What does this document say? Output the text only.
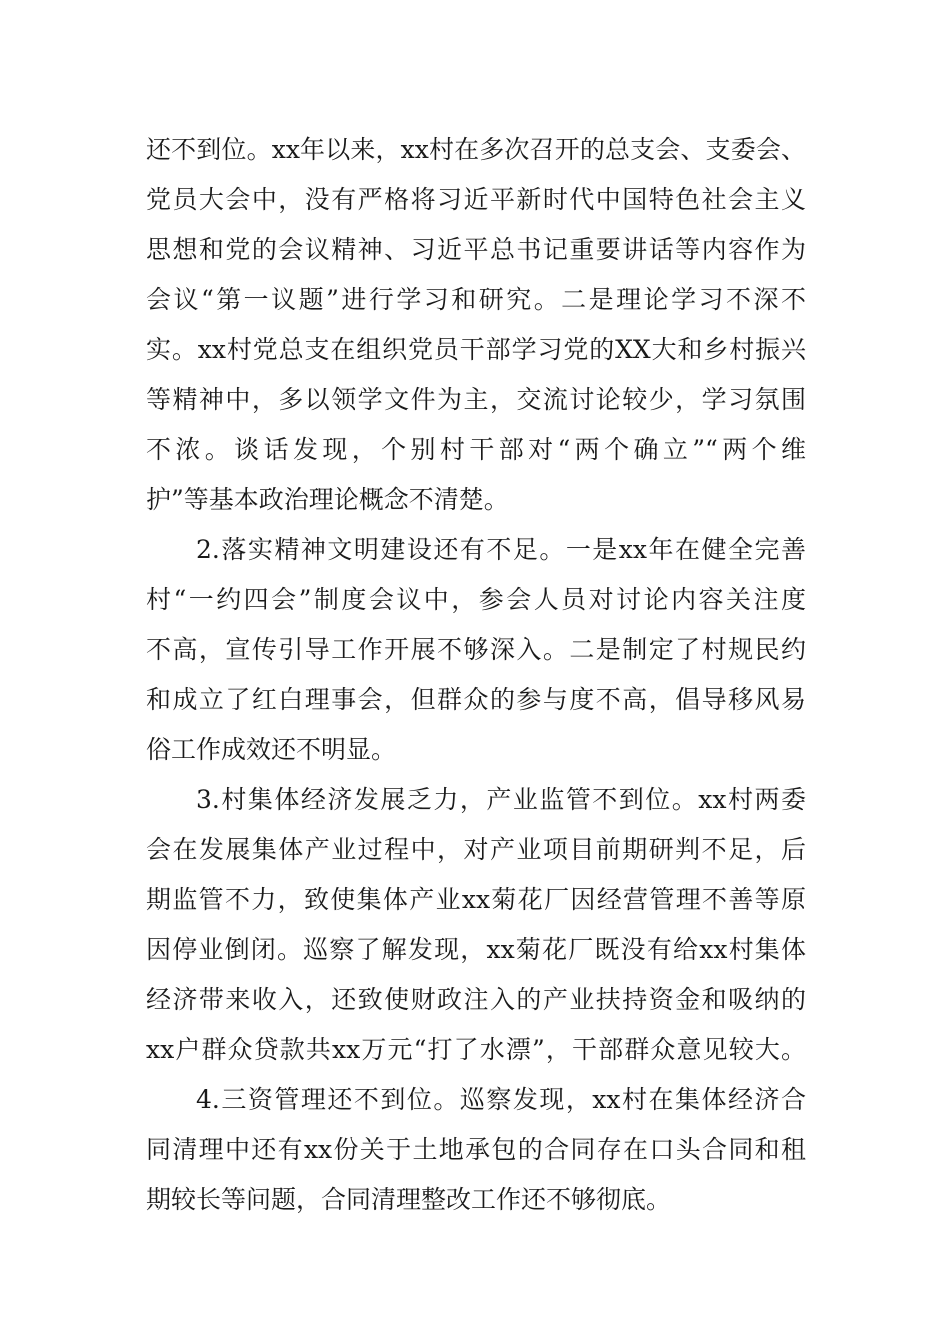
还不到位。xx年以来，xx村在多次召开的总支会、支委会、
党员大会中，没有严格将习近平新时代中国特色社会主义
思想和党的会议精神、习近平总书记重要讲话等内容作为
会议“第一议题”进行学习和研究。二是理论学习不深不
实。xx村党总支在组织党员干部学习党的XX大和乡村振兴
等精神中，多以领学文件为主，交流讨论较少，学习氛围
不浓。谈话发现，个别村干部对“两个确立”“两个维
护”等基本政治理论概念不清楚。
2.落实精神文明建设还有不足。一是xx年在健全完善
村“一约四会”制度会议中，参会人员对讨论内容关注度
不高，宣传引导工作开展不够深入。二是制定了村规民约
和成立了红白理事会，但群众的参与度不高，倡导移风易
俗工作成效还不明显。
3.村集体经济发展乏力，产业监管不到位。xx村两委
会在发展集体产业过程中，对产业项目前期研判不足，后
期监管不力，致使集体产业xx菊花厂因经营管理不善等原
因停业倒闭。巡察了解发现，xx菊花厂既没有给xx村集体
经济带来收入，还致使财政注入的产业扶持资金和吸纳的
xx户群众贷款共xx万元“打了水漂”，干部群众意见较大。
4.三资管理还不到位。巡察发现，xx村在集体经济合
同清理中还有xx份关于土地承包的合同存在口头合同和租
期较长等问题，合同清理整改工作还不够彻底。
